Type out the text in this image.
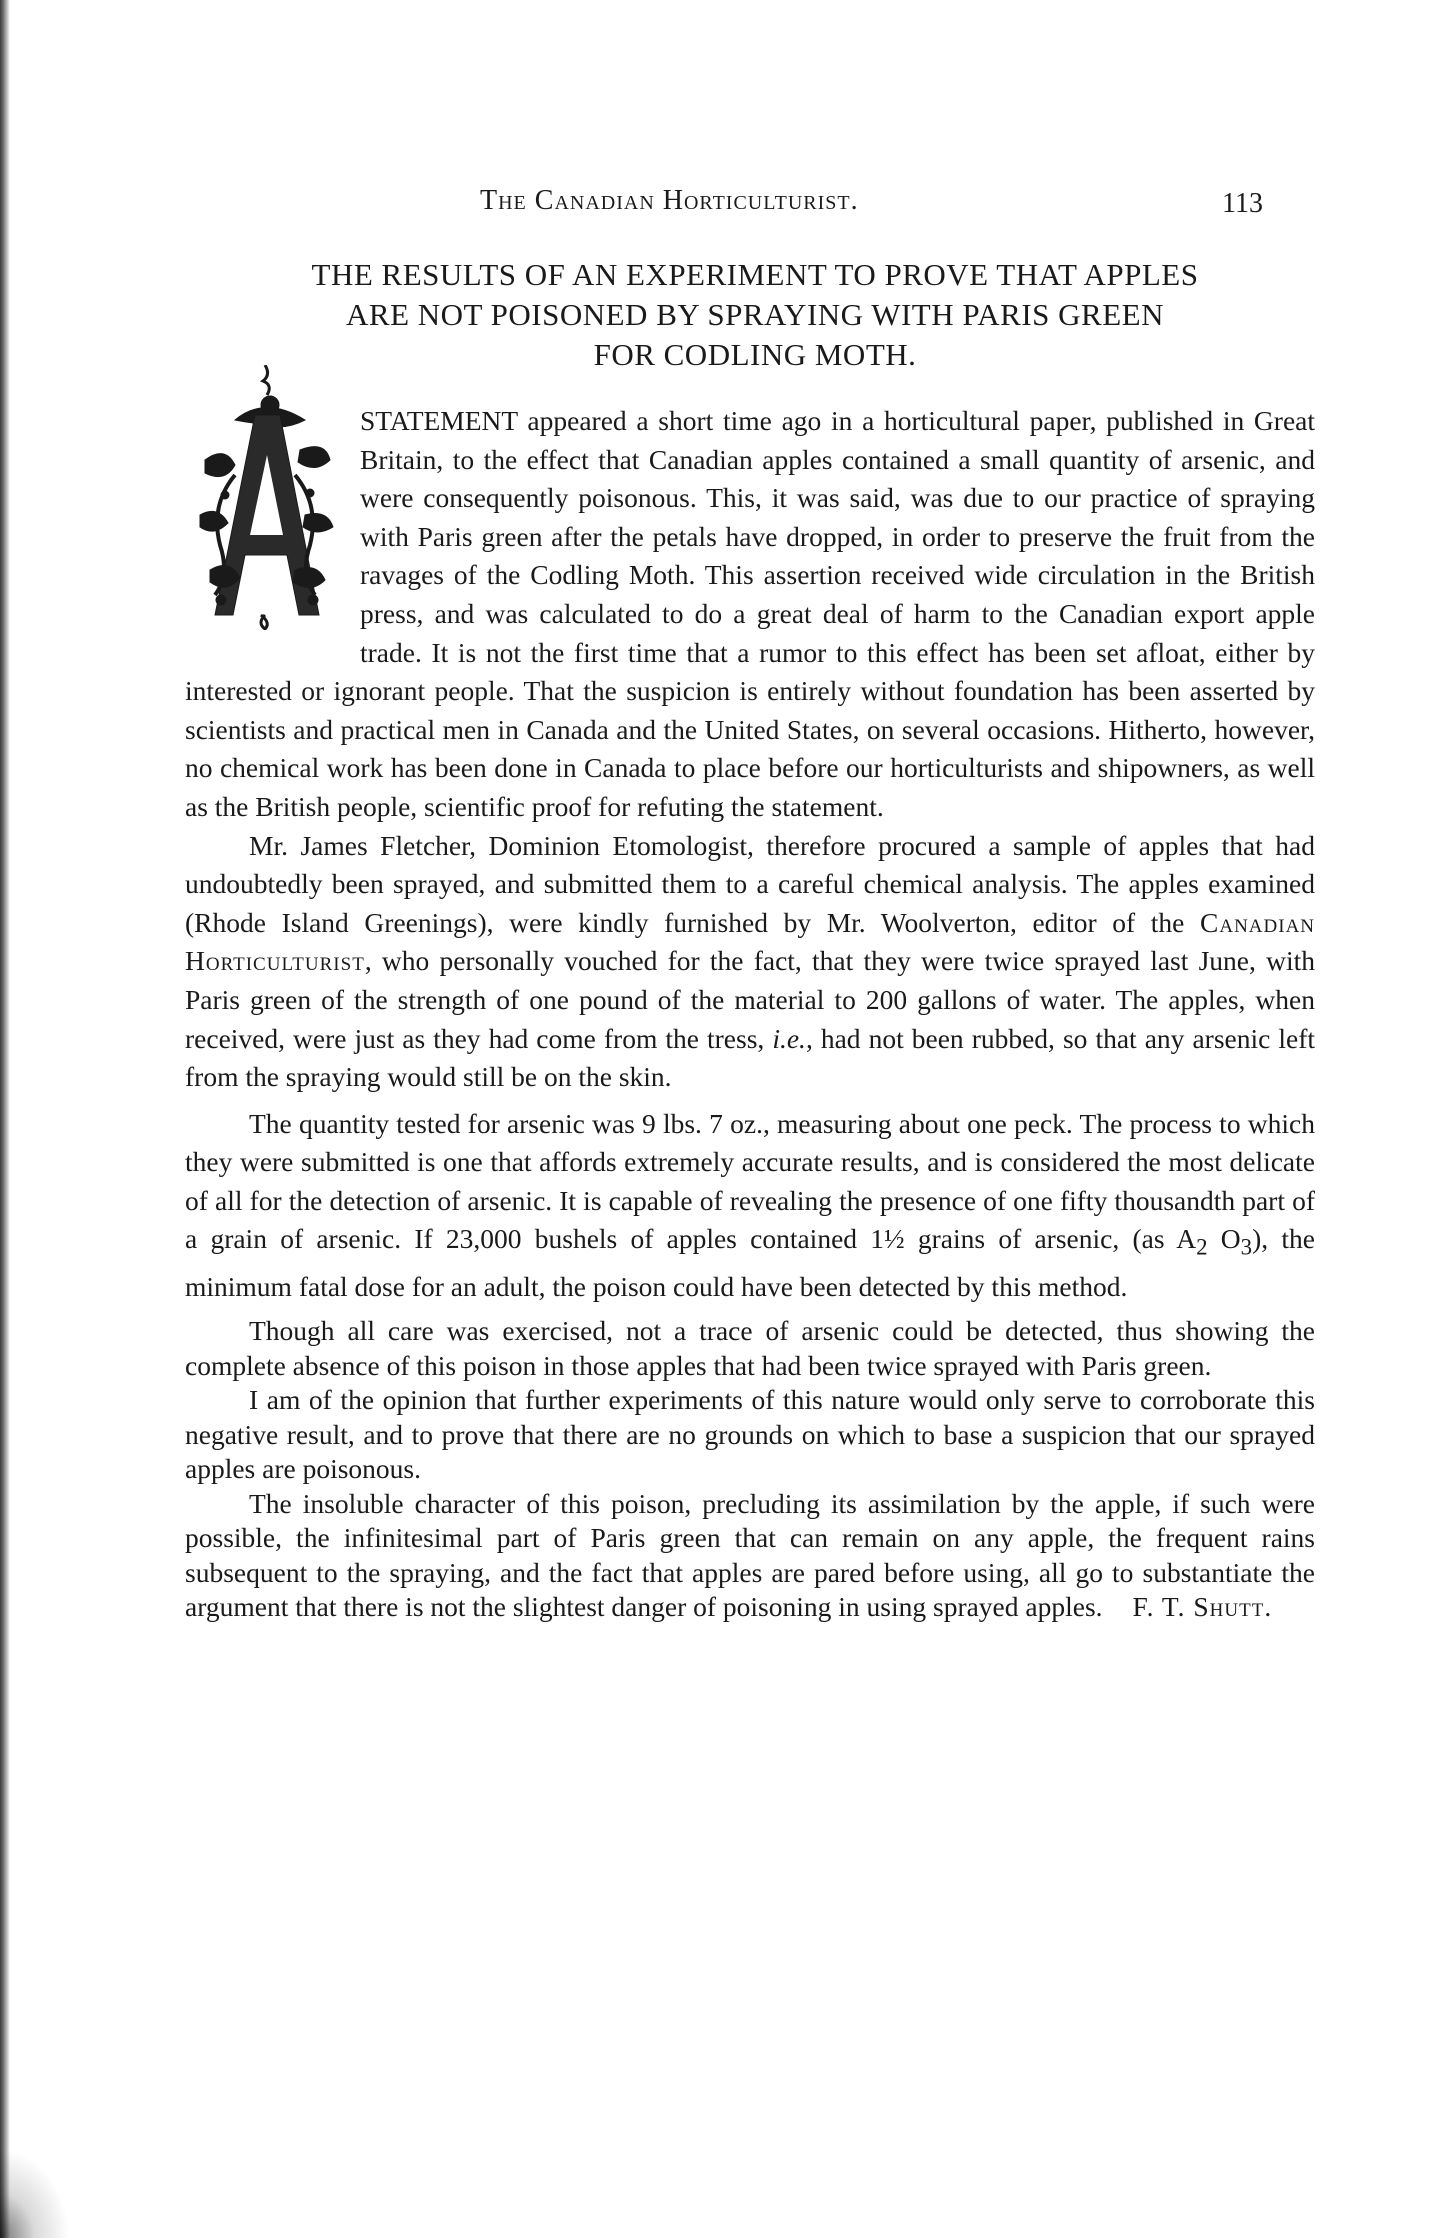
The Canadian Horticulturist.	113
THE RESULTS OF AN EXPERIMENT TO PROVE THAT APPLES
ARE NOT POISONED BY SPRAYING WITH PARIS GREEN
FOR CODLING MOTH.

STATEMENT appeared a short time ago in a horticultural paper, published in Great Britain, to the effect that Canadian apples contained a small quantity of arsenic, and were consequently poisonous. This, it was said, was due to our practice of spraying with Paris green after the petals have dropped, in order to preserve the fruit from the ravages of the Codling Moth. This assertion received wide circulation in the British press, and was calculated to do a great deal of harm to the Canadian export apple trade. It is not the first time that a rumor to this effect has been set afloat, either by interested or ignorant people. That the suspicion is entirely without foundation has been asserted by scientists and practical men in Canada and the United States, on several occasions. Hitherto, however, no chemical work has been done in Canada to place before our horticulturists and shipowners, as well as the British people, scientific proof for refuting the statement.

Mr. James Fletcher, Dominion Etomologist, therefore procured a sample of apples that had undoubtedly been sprayed, and submitted them to a careful chemical analysis. The apples examined (Rhode Island Greenings), were kindly furnished by Mr. Woolverton, editor of the Canadian Horticulturist, who personally vouched for the fact, that they were twice sprayed last June, with Paris green of the strength of one pound of the material to 200 gallons of water. The apples, when received, were just as they had come from the tress, i.e., had not been rubbed, so that any arsenic left from the spraying would still be on the skin.

The quantity tested for arsenic was 9 lbs. 7 oz., measuring about one peck. The process to which they were submitted is one that affords extremely accurate results, and is considered the most delicate of all for the detection of arsenic. It is capable of revealing the presence of one fifty thousandth part of a grain of arsenic. If 23,000 bushels of apples contained 1½ grains of arsenic, (as $A_2$ $O_3$), the minimum fatal dose for an adult, the poison could have been detected by this method.

Though all care was exercised, not a trace of arsenic could be detected, thus showing the complete absence of this poison in those apples that had been twice sprayed with Paris green.

I am of the opinion that further experiments of this nature would only serve to corroborate this negative result, and to prove that there are no grounds on which to base a suspicion that our sprayed apples are poisonous.

The insoluble character of this poison, precluding its assimilation by the apple, if such were possible, the infinitesimal part of Paris green that can remain on any apple, the frequent rains subsequent to the spraying, and the fact that apples are pared before using, all go to substantiate the argument that there is not the slightest danger of poisoning in using sprayed apples. F. T. Shutt.
